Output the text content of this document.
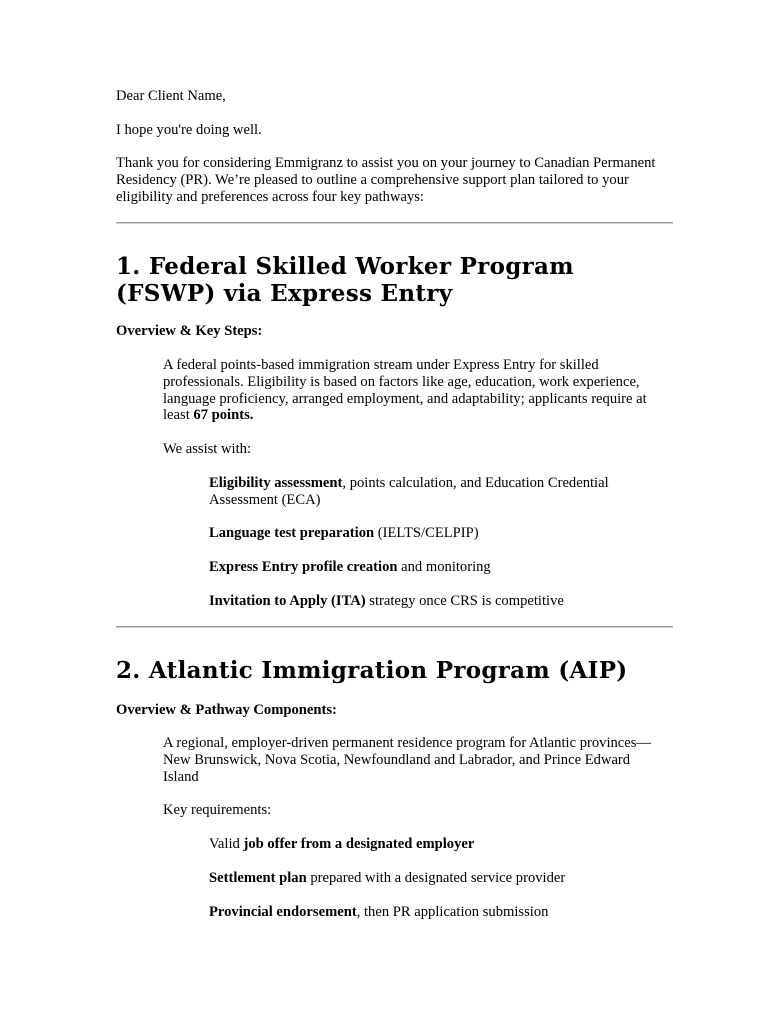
Dear Client Name,

I hope you're doing well.

Thank you for considering Emmigranz to assist you on your journey to Canadian Permanent Residency (PR). We’re pleased to outline a comprehensive support plan tailored to your eligibility and preferences across four key pathways:

1. Federal Skilled Worker Program (FSWP) via Express Entry

Overview & Key Steps:

A federal points-based immigration stream under Express Entry for skilled professionals. Eligibility is based on factors like age, education, work experience, language proficiency, arranged employment, and adaptability; applicants require at least 67 points.

We assist with:

Eligibility assessment, points calculation, and Education Credential Assessment (ECA)

Language test preparation (IELTS/CELPIP)

Express Entry profile creation and monitoring

Invitation to Apply (ITA) strategy once CRS is competitive

2. Atlantic Immigration Program (AIP)

Overview & Pathway Components:

A regional, employer-driven permanent residence program for Atlantic provinces—New Brunswick, Nova Scotia, Newfoundland and Labrador, and Prince Edward Island

Key requirements:

Valid job offer from a designated employer

Settlement plan prepared with a designated service provider

Provincial endorsement, then PR application submission
